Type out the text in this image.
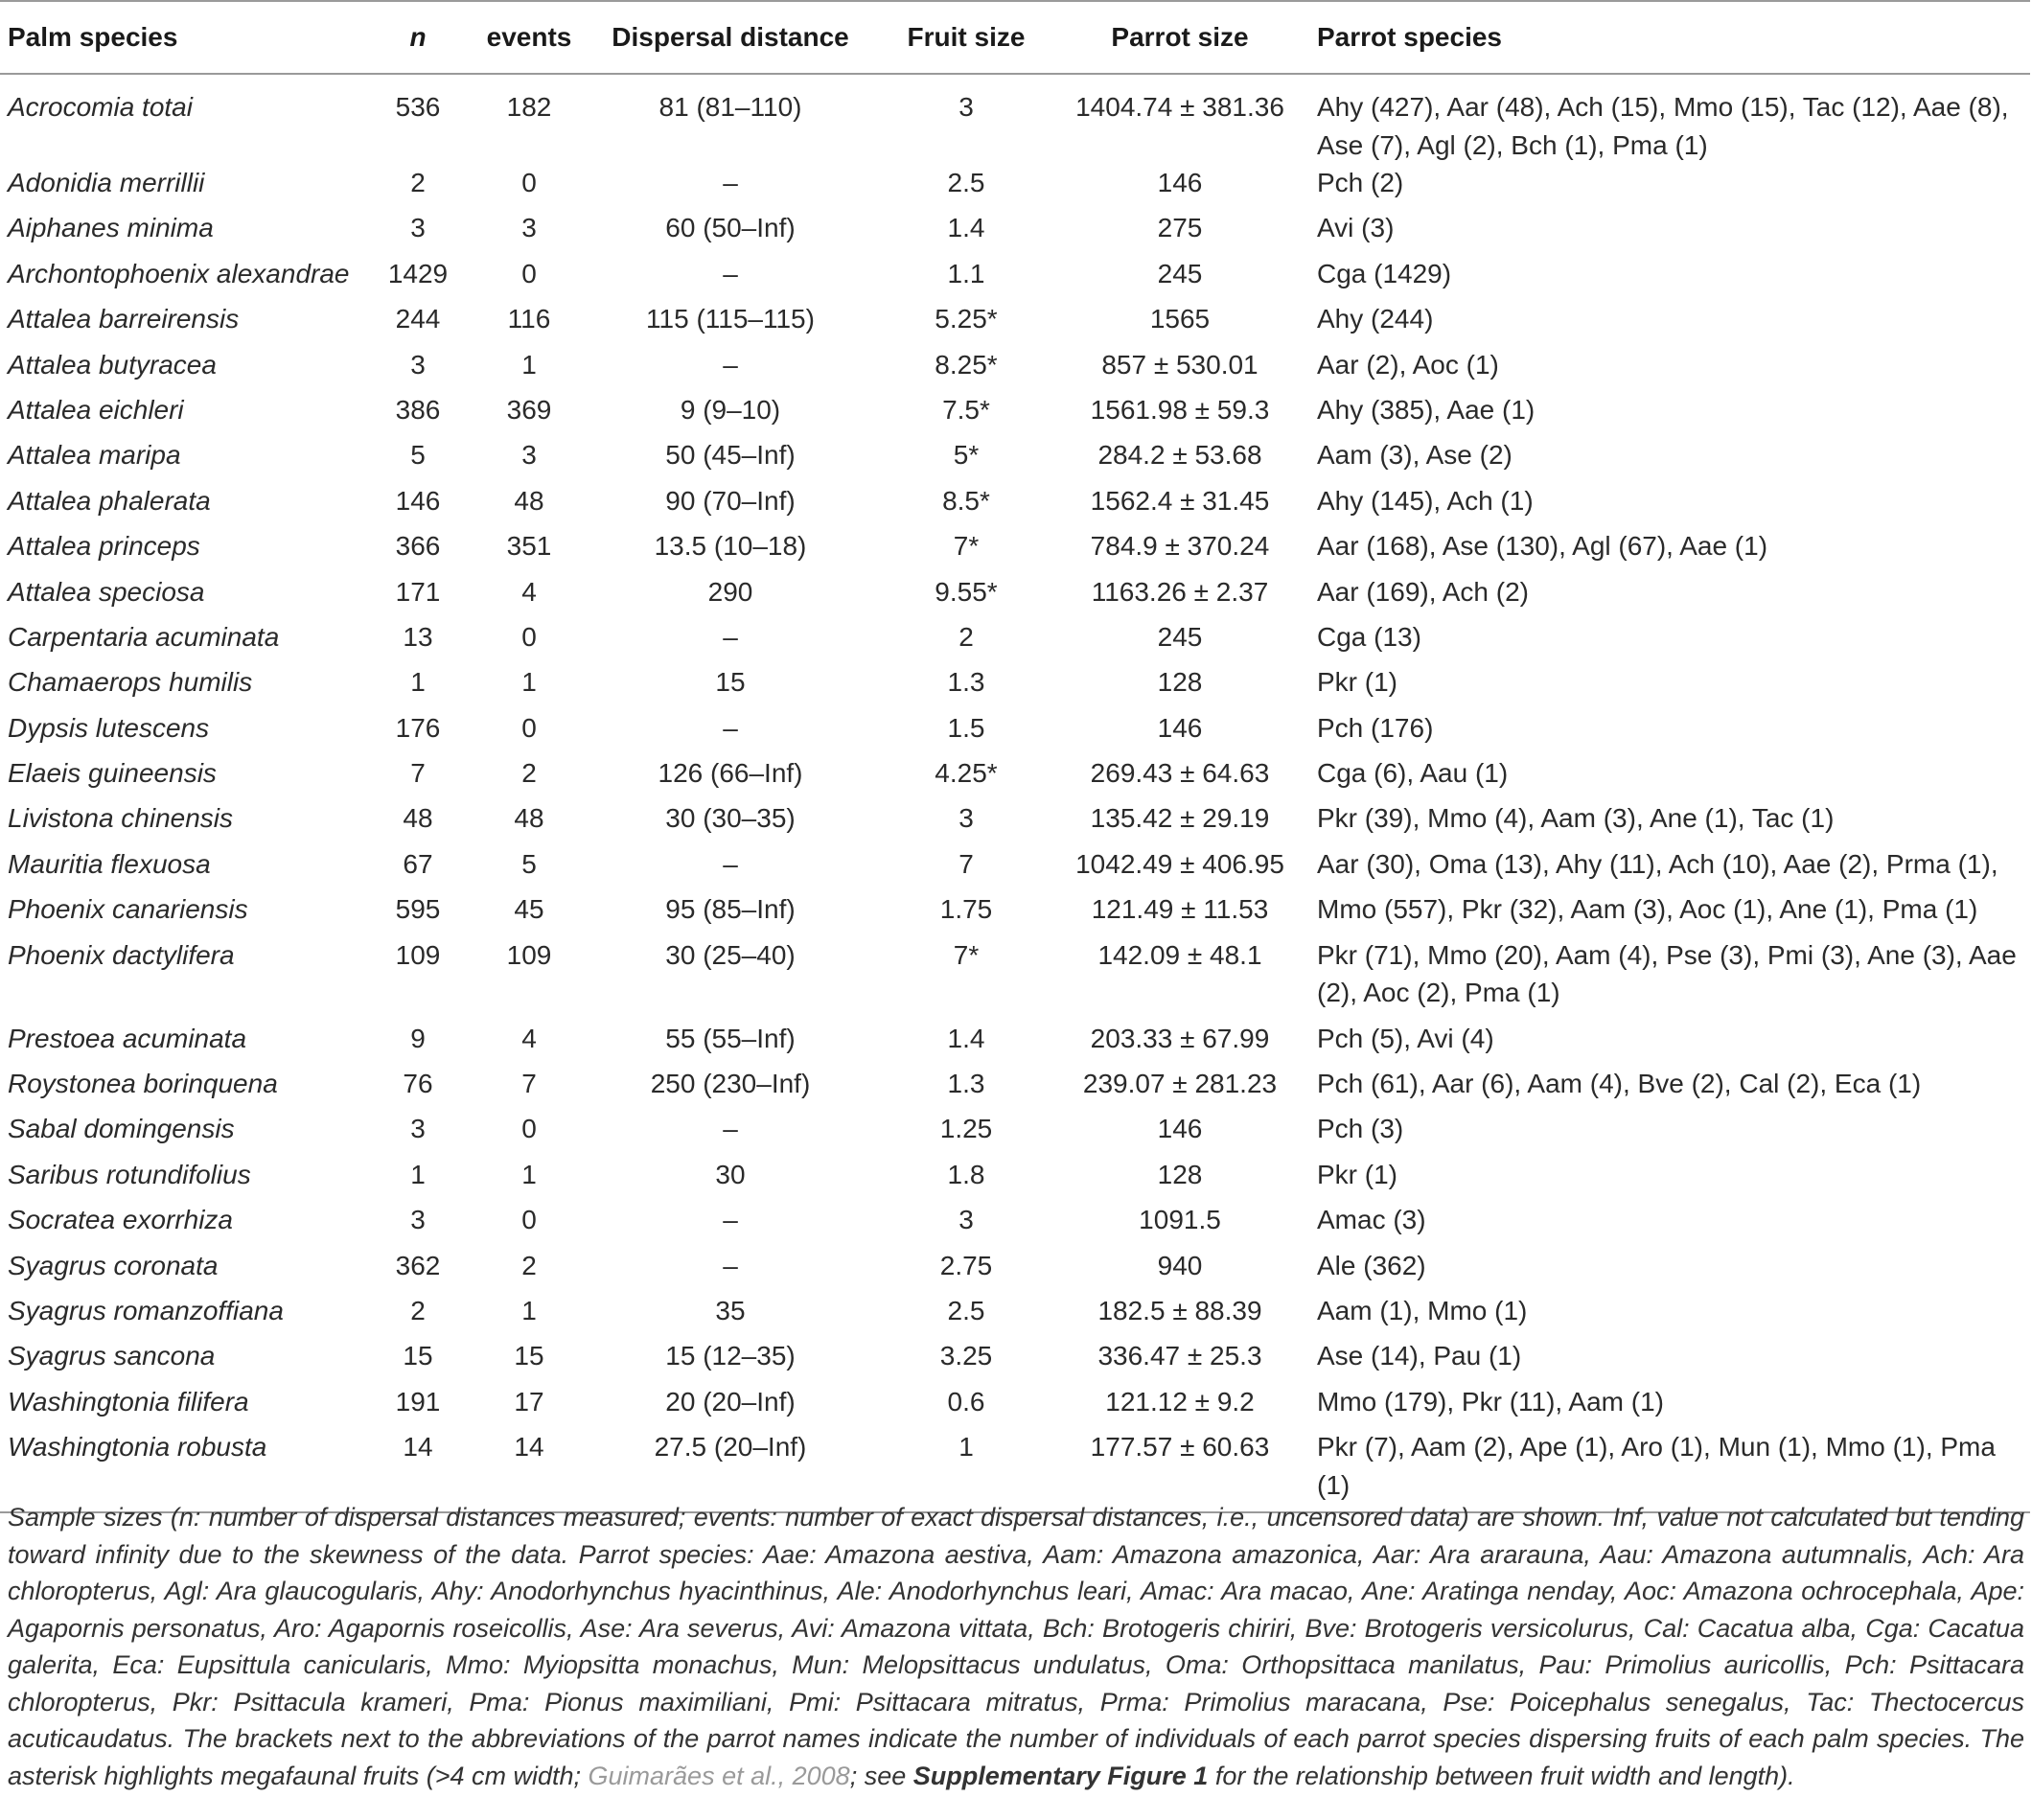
Palm species	n	events	Dispersal distance	Fruit size	Parrot size	Parrot species
Acrocomia totai	536	182	81 (81–110)	3	1404.74 ± 381.36	Ahy (427), Aar (48), Ach (15), Mmo (15), Tac (12), Aae (8), Ase (7), Agl (2), Bch (1), Pma (1)
Adonidia merrillii	2	0	–	2.5	146	Pch (2)
Aiphanes minima	3	3	60 (50–Inf)	1.4	275	Avi (3)
Archontophoenix alexandrae	1429	0	–	1.1	245	Cga (1429)
Attalea barreirensis	244	116	115 (115–115)	5.25*	1565	Ahy (244)
Attalea butyracea	3	1	–	8.25*	857 ± 530.01	Aar (2), Aoc (1)
Attalea eichleri	386	369	9 (9–10)	7.5*	1561.98 ± 59.3	Ahy (385), Aae (1)
Attalea maripa	5	3	50 (45–Inf)	5*	284.2 ± 53.68	Aam (3), Ase (2)
Attalea phalerata	146	48	90 (70–Inf)	8.5*	1562.4 ± 31.45	Ahy (145), Ach (1)
Attalea princeps	366	351	13.5 (10–18)	7*	784.9 ± 370.24	Aar (168), Ase (130), Agl (67), Aae (1)
Attalea speciosa	171	4	290	9.55*	1163.26 ± 2.37	Aar (169), Ach (2)
Carpentaria acuminata	13	0	–	2	245	Cga (13)
Chamaerops humilis	1	1	15	1.3	128	Pkr (1)
Dypsis lutescens	176	0	–	1.5	146	Pch (176)
Elaeis guineensis	7	2	126 (66–Inf)	4.25*	269.43 ± 64.63	Cga (6), Aau (1)
Livistona chinensis	48	48	30 (30–35)	3	135.42 ± 29.19	Pkr (39), Mmo (4), Aam (3), Ane (1), Tac (1)
Mauritia flexuosa	67	5	–	7	1042.49 ± 406.95	Aar (30), Oma (13), Ahy (11), Ach (10), Aae (2), Prma (1),
Phoenix canariensis	595	45	95 (85–Inf)	1.75	121.49 ± 11.53	Mmo (557), Pkr (32), Aam (3), Aoc (1), Ane (1), Pma (1)
Phoenix dactylifera	109	109	30 (25–40)	7*	142.09 ± 48.1	Pkr (71), Mmo (20), Aam (4), Pse (3), Pmi (3), Ane (3), Aae (2), Aoc (2), Pma (1)
Prestoea acuminata	9	4	55 (55–Inf)	1.4	203.33 ± 67.99	Pch (5), Avi (4)
Roystonea borinquena	76	7	250 (230–Inf)	1.3	239.07 ± 281.23	Pch (61), Aar (6), Aam (4), Bve (2), Cal (2), Eca (1)
Sabal domingensis	3	0	–	1.25	146	Pch (3)
Saribus rotundifolius	1	1	30	1.8	128	Pkr (1)
Socratea exorrhiza	3	0	–	3	1091.5	Amac (3)
Syagrus coronata	362	2	–	2.75	940	Ale (362)
Syagrus romanzoffiana	2	1	35	2.5	182.5 ± 88.39	Aam (1), Mmo (1)
Syagrus sancona	15	15	15 (12–35)	3.25	336.47 ± 25.3	Ase (14), Pau (1)
Washingtonia filifera	191	17	20 (20–Inf)	0.6	121.12 ± 9.2	Mmo (179), Pkr (11), Aam (1)
Washingtonia robusta	14	14	27.5 (20–Inf)	1	177.57 ± 60.63	Pkr (7), Aam (2), Ape (1), Aro (1), Mun (1), Mmo (1), Pma (1)

Sample sizes (n: number of dispersal distances measured; events: number of exact dispersal distances, i.e., uncensored data) are shown. Inf, value not calculated but tending toward infinity due to the skewness of the data. Parrot species: Aae: Amazona aestiva, Aam: Amazona amazonica, Aar: Ara ararauna, Aau: Amazona autumnalis, Ach: Ara chloropterus, Agl: Ara glaucogularis, Ahy: Anodorhynchus hyacinthinus, Ale: Anodorhynchus leari, Amac: Ara macao, Ane: Aratinga nenday, Aoc: Amazona ochrocephala, Ape: Agapornis personatus, Aro: Agapornis roseicollis, Ase: Ara severus, Avi: Amazona vittata, Bch: Brotogeris chiriri, Bve: Brotogeris versicolurus, Cal: Cacatua alba, Cga: Cacatua galerita, Eca: Eupsittula canicularis, Mmo: Myiopsitta monachus, Mun: Melopsittacus undulatus, Oma: Orthopsittaca manilatus, Pau: Primolius auricollis, Pch: Psittacara chloropterus, Pkr: Psittacula krameri, Pma: Pionus maximiliani, Pmi: Psittacara mitratus, Prma: Primolius maracana, Pse: Poicephalus senegalus, Tac: Thectocercus acuticaudatus. The brackets next to the abbreviations of the parrot names indicate the number of individuals of each parrot species dispersing fruits of each palm species. The asterisk highlights megafaunal fruits (>4 cm width; Guimarães et al., 2008; see Supplementary Figure 1 for the relationship between fruit width and length).
